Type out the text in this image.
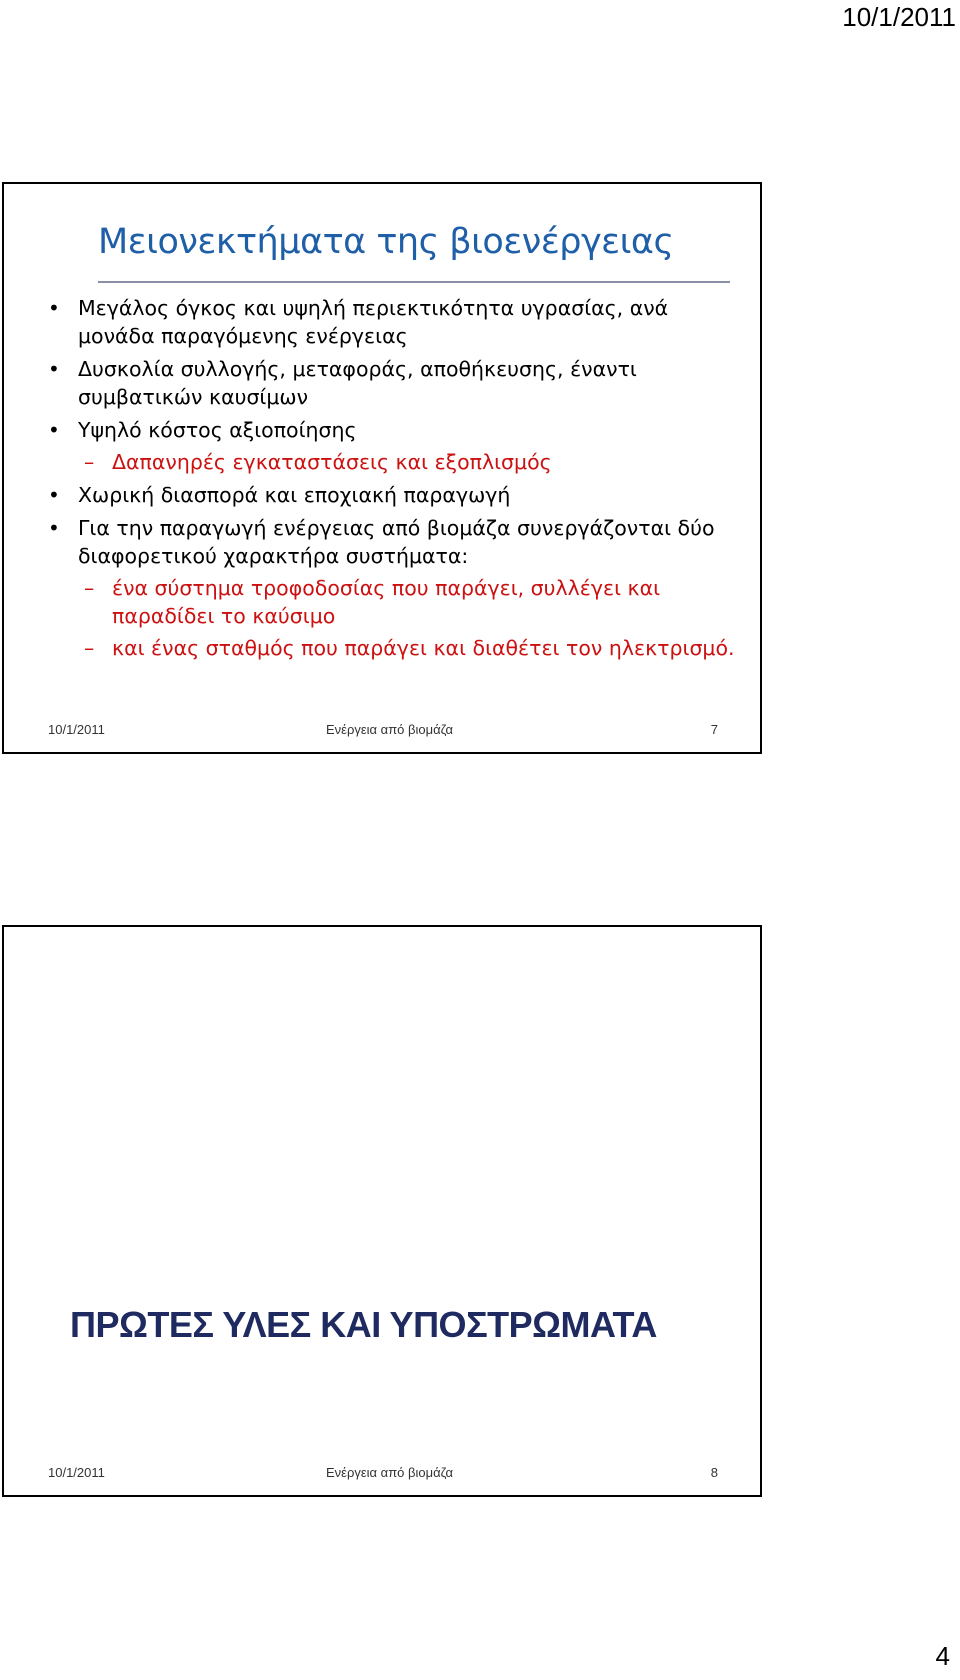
10/1/2011
Μειονεκτήματα της βιοενέργειας
• Μεγάλος όγκος και υψηλή περιεκτικότητα υγρασίας, ανά μονάδα παραγόμενης ενέργειας
• Δυσκολία συλλογής, μεταφοράς, αποθήκευσης, έναντι συμβατικών καυσίμων
• Υψηλό κόστος αξιοποίησης
– Δαπανηρές εγκαταστάσεις και εξοπλισμός
• Χωρική διασπορά και εποχιακή παραγωγή
• Για την παραγωγή ενέργειας από βιομάζα συνεργάζονται δύο διαφορετικού χαρακτήρα συστήματα:
– ένα σύστημα τροφοδοσίας που παράγει, συλλέγει και παραδίδει το καύσιμο
– και ένας σταθμός που παράγει και διαθέτει τον ηλεκτρισμό.
10/1/2011	Ενέργεια από βιομάζα	7
ΠΡΩΤΕΣ ΥΛΕΣ ΚΑΙ ΥΠΟΣΤΡΩΜΑΤΑ
10/1/2011	Ενέργεια από βιομάζα	8
4
